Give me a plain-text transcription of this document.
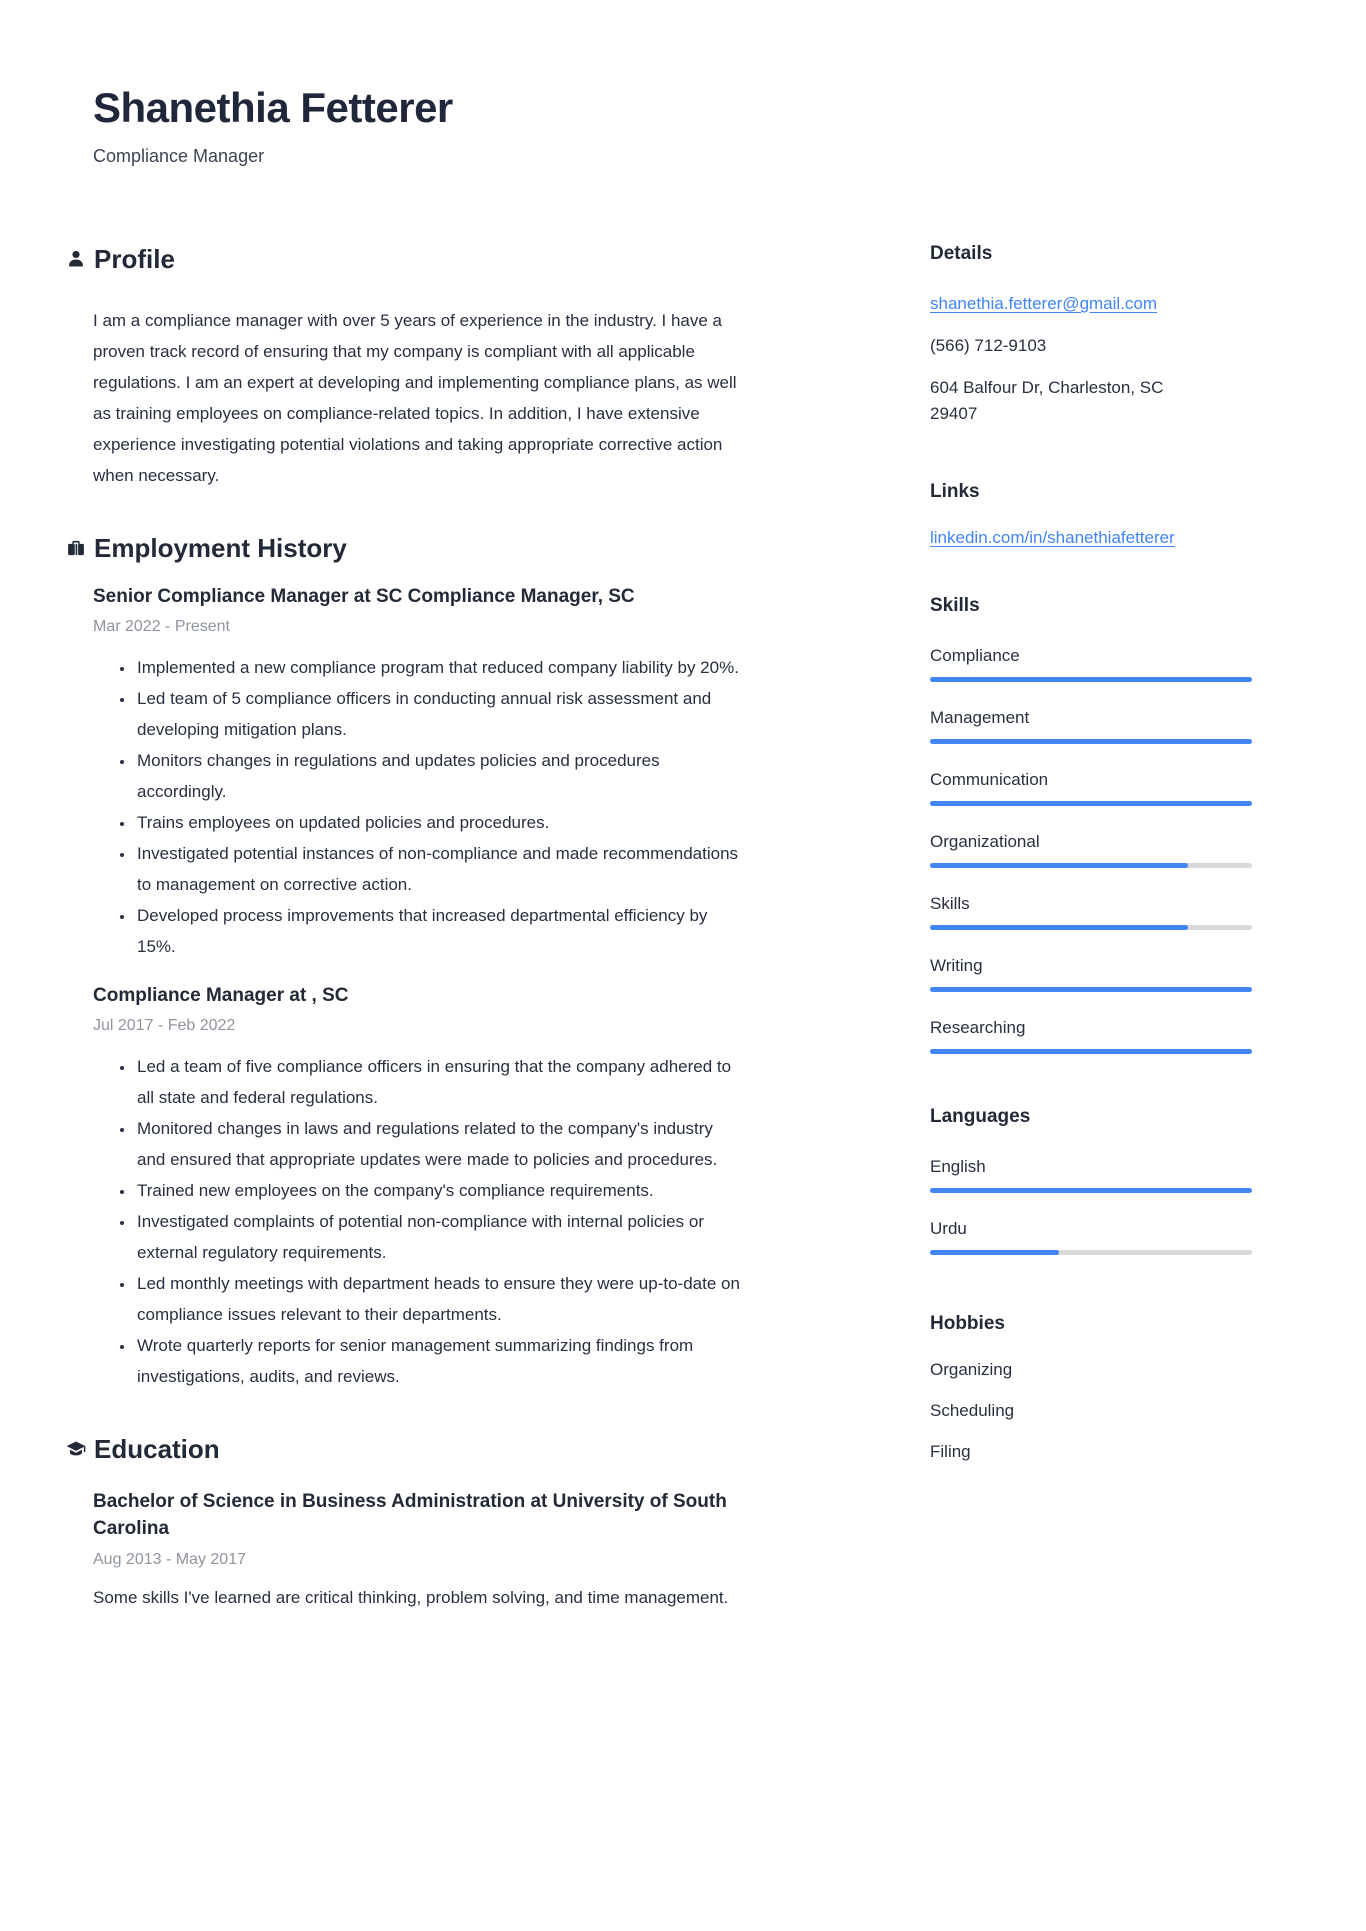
Shanethia Fetterer
Compliance Manager
Profile

I am a compliance manager with over 5 years of experience in the industry. I have a proven track record of ensuring that my company is compliant with all applicable regulations. I am an expert at developing and implementing compliance plans, as well as training employees on compliance-related topics. In addition, I have extensive experience investigating potential violations and taking appropriate corrective action when necessary.

Employment History
Senior Compliance Manager at SC Compliance Manager, SC
Mar 2022 - Present
• Implemented a new compliance program that reduced company liability by 20%.
• Led team of 5 compliance officers in conducting annual risk assessment and developing mitigation plans.
• Monitors changes in regulations and updates policies and procedures accordingly.
• Trains employees on updated policies and procedures.
• Investigated potential instances of non-compliance and made recommendations to management on corrective action.
• Developed process improvements that increased departmental efficiency by 15%.
Compliance Manager at , SC
Jul 2017 - Feb 2022
• Led a team of five compliance officers in ensuring that the company adhered to all state and federal regulations.
• Monitored changes in laws and regulations related to the company's industry and ensured that appropriate updates were made to policies and procedures.
• Trained new employees on the company's compliance requirements.
• Investigated complaints of potential non-compliance with internal policies or external regulatory requirements.
• Led monthly meetings with department heads to ensure they were up-to-date on compliance issues relevant to their departments.
• Wrote quarterly reports for senior management summarizing findings from investigations, audits, and reviews.
Education
Bachelor of Science in Business Administration at University of South Carolina
Aug 2013 - May 2017

Some skills I've learned are critical thinking, problem solving, and time management.

Details
shanethia.fetterer@gmail.com
(566) 712-9103
604 Balfour Dr, Charleston, SC
29407
Links
linkedin.com/in/shanethiafetterer
Skills
Compliance
Management
Communication
Organizational
Skills
Writing
Researching
Languages
English
Urdu
Hobbies
Organizing
Scheduling
Filing
